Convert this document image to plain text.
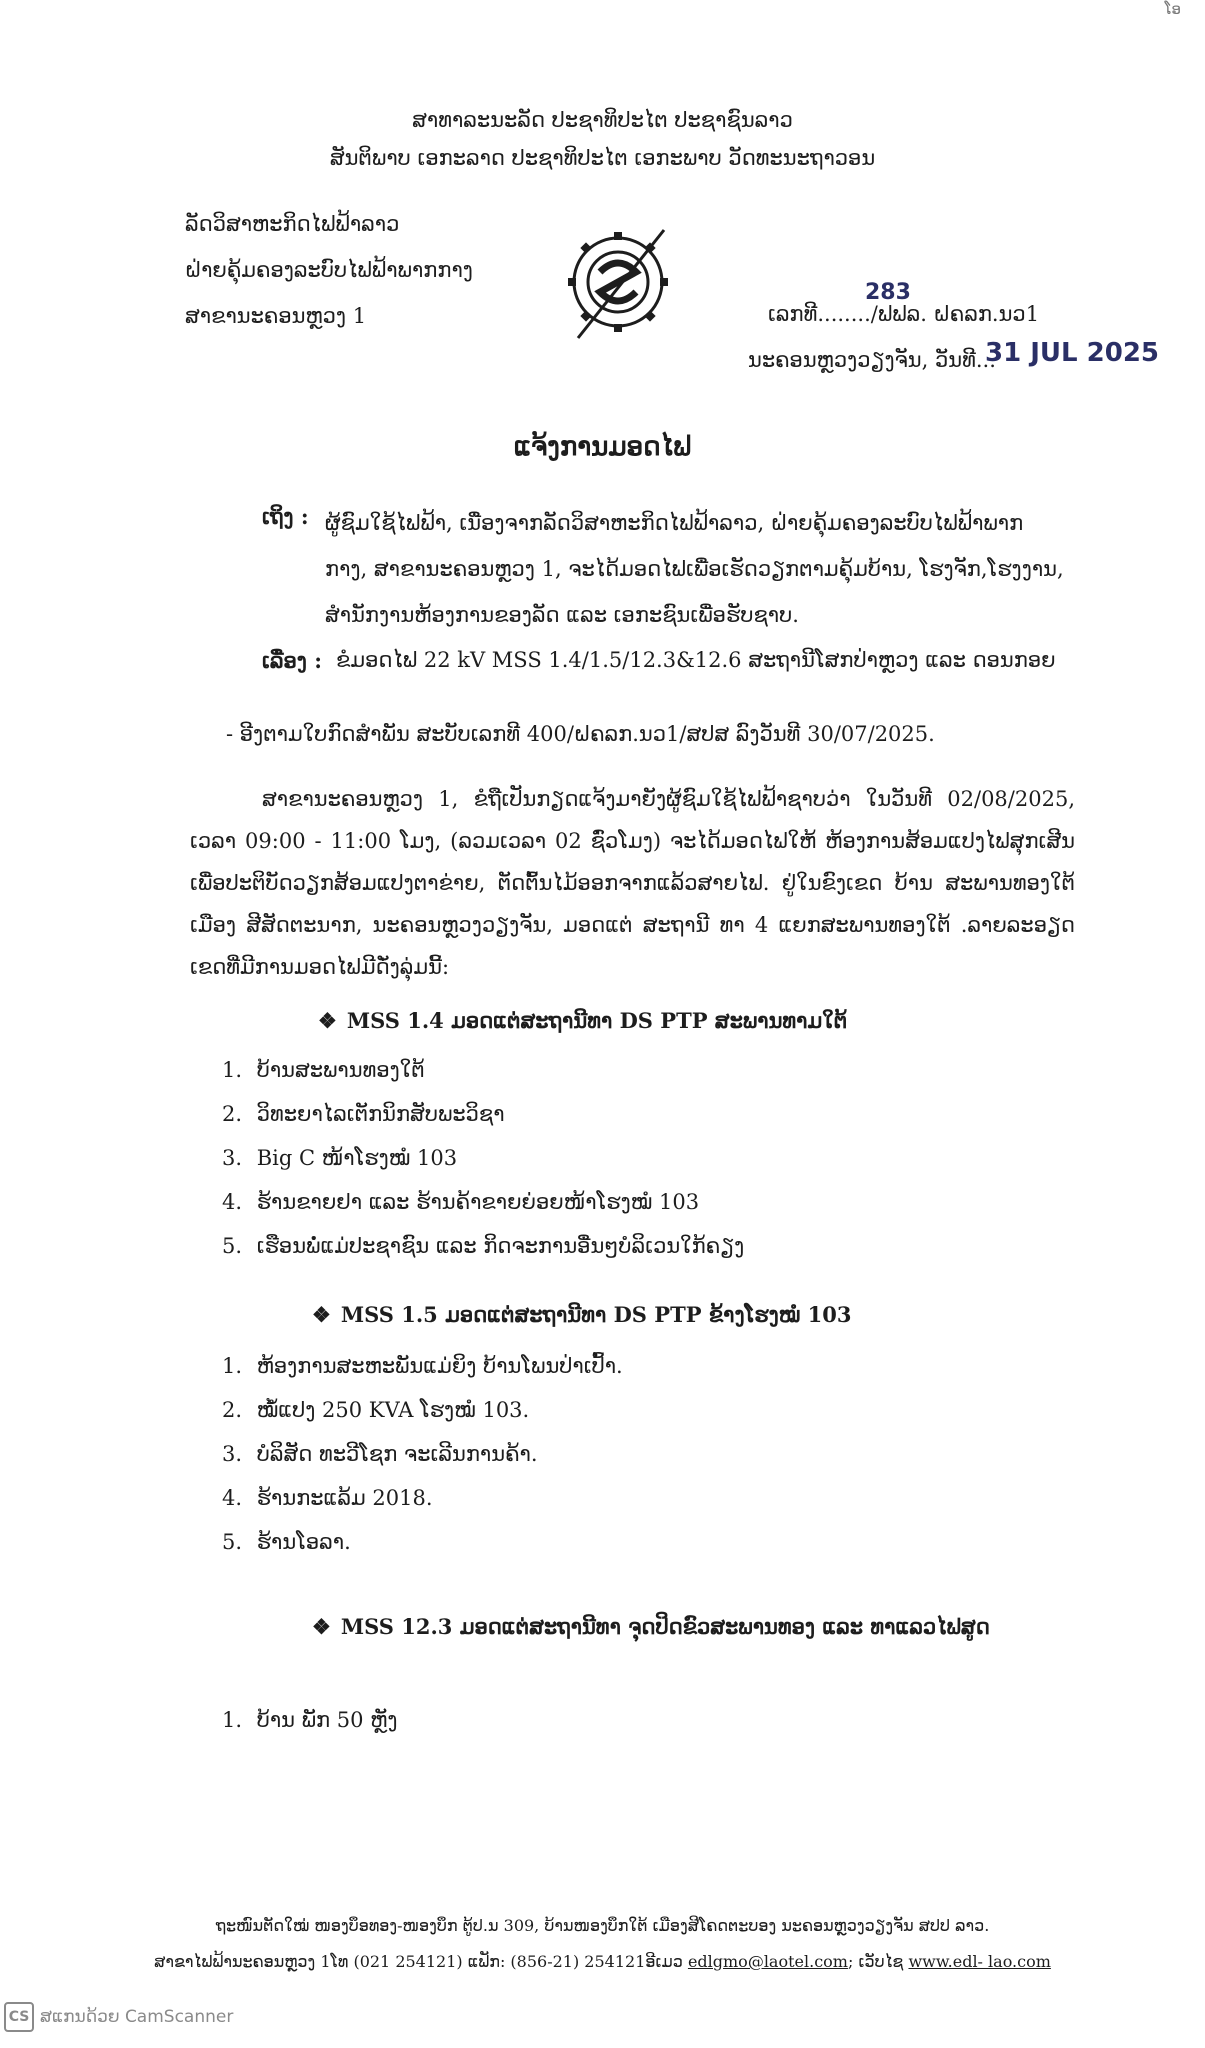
ໂອ
ສາທາລະນະລັດ ປະຊາທິປະໄຕ ປະຊາຊົນລາວ
ສັນຕິພາບ ເອກະລາດ ປະຊາທິປະໄຕ ເອກະພາບ ວັດທະນະຖາວອນ
ລັດວິສາຫະກິດໄຟຟ້າລາວ
ຝ່າຍຄຸ້ມຄອງລະບົບໄຟຟ້າພາກກາງ
ສາຂານະຄອນຫຼວງ 1	ເລກທີ......../ຟຟລ. ຝຄລກ.ນວ1
283
ນະຄອນຫຼວງວຽງຈັນ, ວັນທີ...
31 JUL 2025
ແຈ້ງການມອດໄຟ
ເຖິງ : ຜູ້ຊົມໃຊ້ໄຟຟ້າ, ເນື່ອງຈາກລັດວິສາຫະກິດໄຟຟ້າລາວ, ຝ່າຍຄຸ້ມຄອງລະບົບໄຟຟ້າພາກກາງ, ສາຂານະຄອນຫຼວງ 1, ຈະໄດ້ມອດໄຟເພື່ອເຮັດວຽກຕາມຄຸ້ມບ້ານ, ໂຮງຈັກ,ໂຮງງານ, ສຳນັກງານຫ້ອງການຂອງລັດ ແລະ ເອກະຊົນເພື່ອຮັບຊາບ.
ເລື່ອງ : ຂໍມອດໄຟ 22 kV MSS 1.4/1.5/12.3&12.6 ສະຖານີໂສກປ່າຫຼວງ ແລະ ດອນກອຍ
- ອີງຕາມໃບກົດສຳພັນ ສະບັບເລກທີ 400/ຝຄລກ.ນວ1/ສປສ ລົງວັນທີ 30/07/2025.
ສາຂານະຄອນຫຼວງ 1, ຂໍຖືເປັນກຽດແຈ້ງມາຍັງຜູ້ຊົມໃຊ້ໄຟຟ້າຊາບວ່າ ໃນວັນທີ 02/08/2025, ເວລາ 09:00 - 11:00 ໂມງ, (ລວມເວລາ 02 ຊົ່ວໂມງ) ຈະໄດ້ມອດໄຟໃຫ້ ຫ້ອງການສ້ອມແປງໄຟສຸກເສີນ ເພື່ອປະຕິບັດວຽກສ້ອມແປງຕາຂ່າຍ, ຕັດຕົ້ນໄມ້ອອກຈາກແລ້ວສາຍໄຟ. ຢູ່ໃນຂົງເຂດ ບ້ານ ສະພານທອງໃຕ້ ເມືອງ ສີສັດຕະນາກ, ນະຄອນຫຼວງວຽງຈັນ, ມອດແຕ່ ສະຖານີ ທາ 4 ແຍກສະພານທອງໃຕ້ .ລາຍລະອຽດເຂດທີ່ມີການມອດໄຟມີດັ່ງລຸ່ມນີ້:
❖ MSS 1.4 ມອດແຕ່ສະຖານີທາ DS PTP ສະພານທາມໃຕ້
1. ບ້ານສະພານທອງໃຕ້
2. ວິທະຍາໄລເຕັກນິກສັບພະວິຊາ
3. Big C ໜ້າໂຮງໝໍ 103
4. ຮ້ານຂາຍຢາ ແລະ ຮ້ານຄ້າຂາຍຍ່ອຍໜ້າໂຮງໝໍ 103
5. ເຮືອນພໍ່ແມ່ປະຊາຊົນ ແລະ ກິດຈະການອື່ນໆບໍລິເວນໃກ້ຄຽງ
❖ MSS 1.5 ມອດແຕ່ສະຖານີທາ DS PTP ຂ້າງໂຮງໝໍ 103
1. ຫ້ອງການສະຫະພັນແມ່ຍິງ ບ້ານໂພນປ່າເປົ້າ.
2. ໝໍ້ແປງ 250 KVA ໂຮງໝໍ 103.
3. ບໍລິສັດ ທະວີໂຊກ ຈະເລີນການຄ້າ.
4. ຮ້ານກະແລ້ມ 2018.
5. ຮ້ານໂອລາ.
❖ MSS 12.3 ມອດແຕ່ສະຖານີທາ ຈຸດປິດຂົວສະພານທອງ ແລະ ທາແລວໄຟສູດ
1. ບ້ານ ພັກ 50 ຫຼັງ
ຖະໜົນຕັດໃໝ່ ໜອງບຶອທອງ-ໜອງບຶກ ຕູ້ປ.ນ 309, ບ້ານໜອງບຶກໃຕ້ ເມືອງສີໂຄດຕະບອງ ນະຄອນຫຼວງວຽງຈັນ ສປປ ລາວ.
ສາຂາໄຟຟ້ານະຄອນຫຼວງ 1ໂທ (021 254121) ແຟັກ: (856-21) 254121ອີເມວ edlgmo@laotel.com; ເວັບໄຊ www.edl- lao.com
CS ສແກນດ້ວຍ CamScanner
